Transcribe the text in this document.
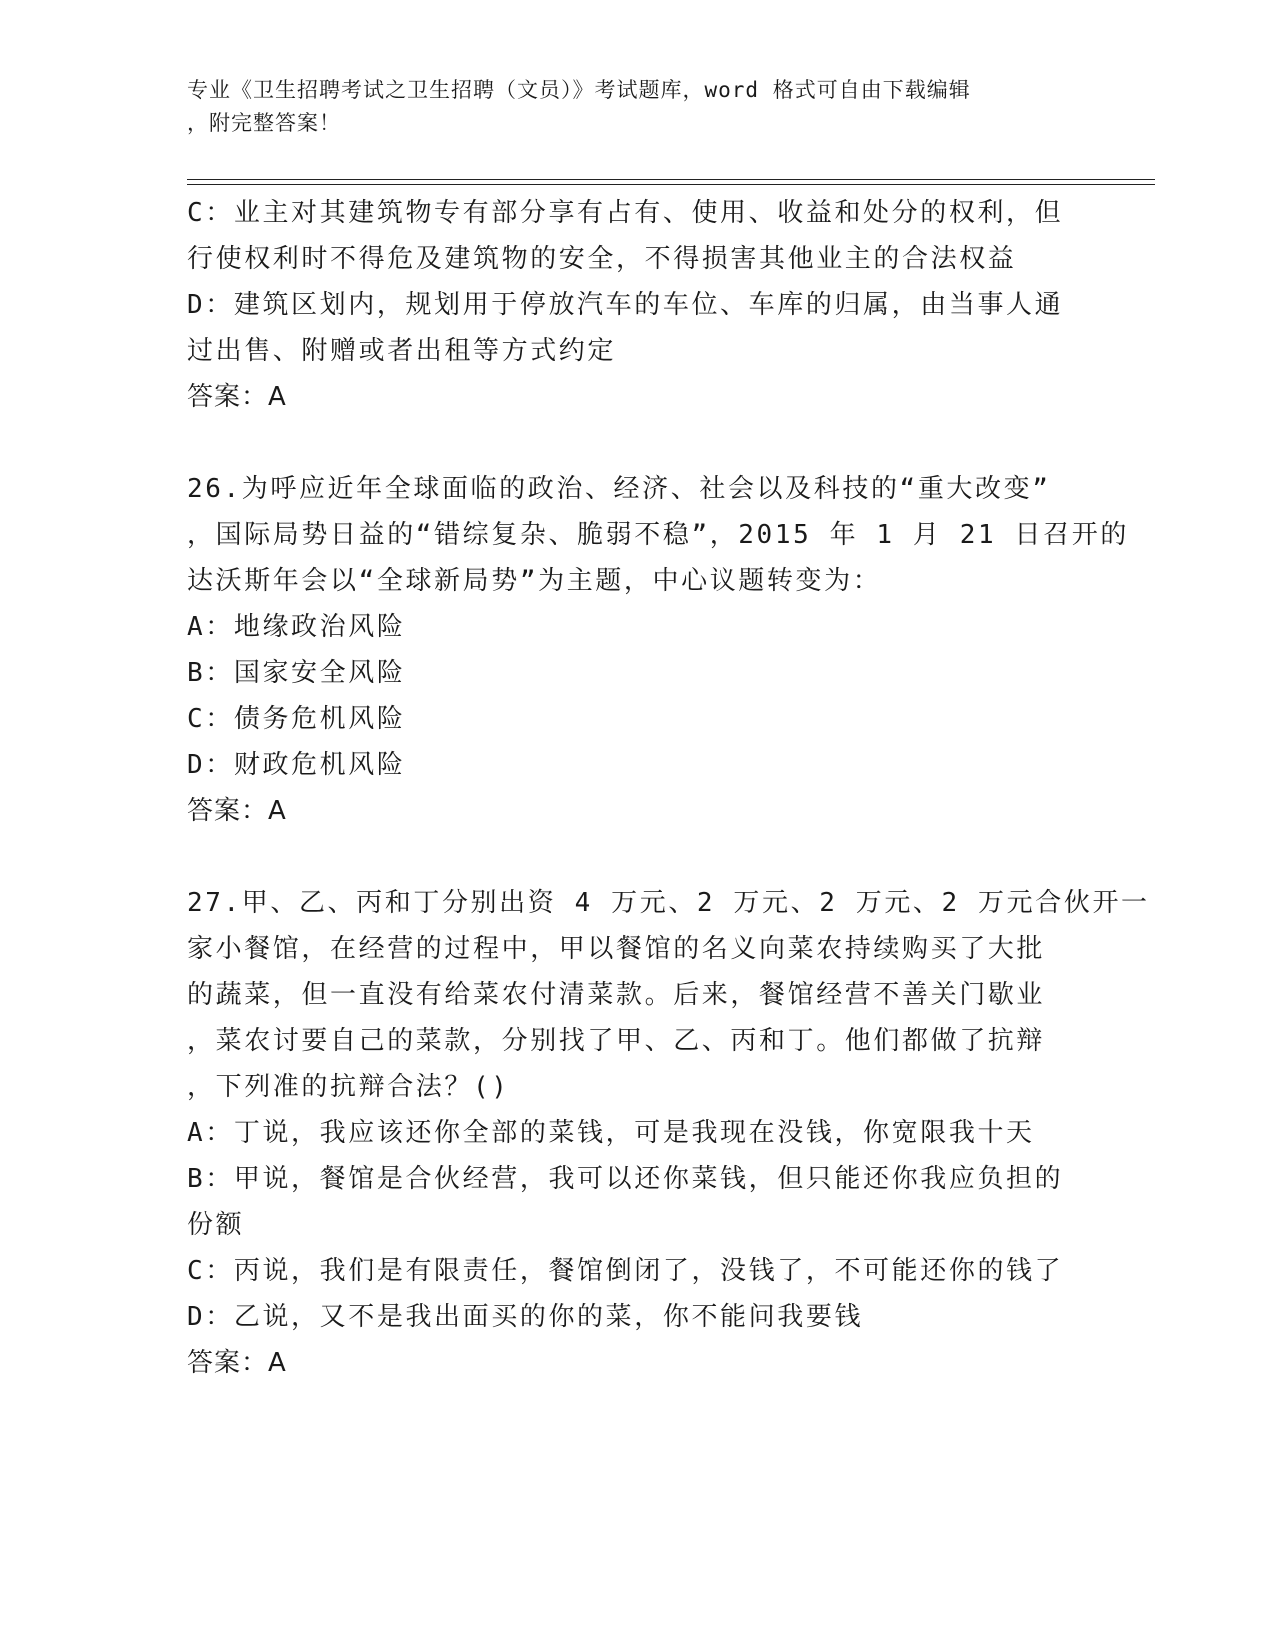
专业《卫生招聘考试之卫生招聘（文员）》考试题库，word 格式可自由下载编辑
，附完整答案！
C：业主对其建筑物专有部分享有占有、使用、收益和处分的权利，但
行使权利时不得危及建筑物的安全，不得损害其他业主的合法权益
D：建筑区划内，规划用于停放汽车的车位、车库的归属，由当事人通
过出售、附赠或者出租等方式约定
答案：A
26.为呼应近年全球面临的政治、经济、社会以及科技的“重大改变”
，国际局势日益的“错综复杂、脆弱不稳”，2015 年 1 月 21 日召开的
达沃斯年会以“全球新局势”为主题，中心议题转变为：
A：地缘政治风险
B：国家安全风险
C：债务危机风险
D：财政危机风险
答案：A
27.甲、乙、丙和丁分别出资 4 万元、2 万元、2 万元、2 万元合伙开一
家小餐馆，在经营的过程中，甲以餐馆的名义向菜农持续购买了大批
的蔬菜，但一直没有给菜农付清菜款。后来，餐馆经营不善关门歇业
，菜农讨要自己的菜款，分别找了甲、乙、丙和丁。他们都做了抗辩
，下列准的抗辩合法？()
A：丁说，我应该还你全部的菜钱，可是我现在没钱，你宽限我十天
B：甲说，餐馆是合伙经营，我可以还你菜钱，但只能还你我应负担的
份额
C：丙说，我们是有限责任，餐馆倒闭了，没钱了，不可能还你的钱了
D：乙说，又不是我出面买的你的菜，你不能问我要钱
答案：A
